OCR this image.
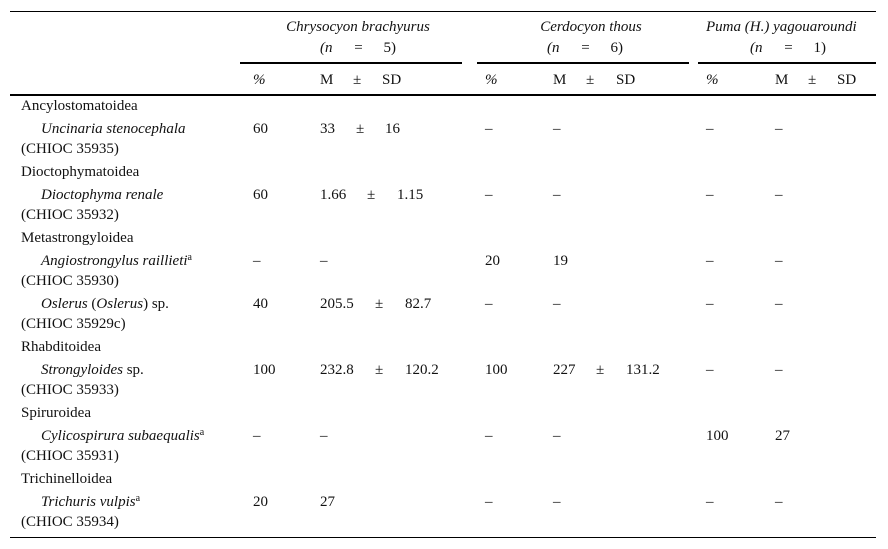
Chrysocyon brachyurus
(n = 5)
Cerdocyon thous
(n = 6)
Puma (H.) yagouaroundi
(n = 1)
%	M ± SD	%	M ± SD	%	M ± SD
Ancylostomatoidea
Uncinaria stenocephala
(CHIOC 35935)
60	33 ± 16	–	–	–	–
Dioctophymatoidea
Dioctophyma renale
(CHIOC 35932)
60	1.66 ± 1.15	–	–	–	–
Metastrongyloidea
Angiostrongylus raillieti$^a$
(CHIOC 35930)
–	–	20	19	–	–
Oslerus (Oslerus) sp.
(CHIOC 35929c)
40	205.5 ± 82.7	–	–	–	–
Rhabditoidea
Strongyloides sp.
(CHIOC 35933)
100	232.8 ± 120.2	100	227 ± 131.2	–	–
Spiruroidea
Cylicospirura subaequalis$^a$
(CHIOC 35931)
–	–	–	–	100	27
Trichinelloidea
Trichuris vulpis$^a$
(CHIOC 35934)
20	27	–	–	–	–
